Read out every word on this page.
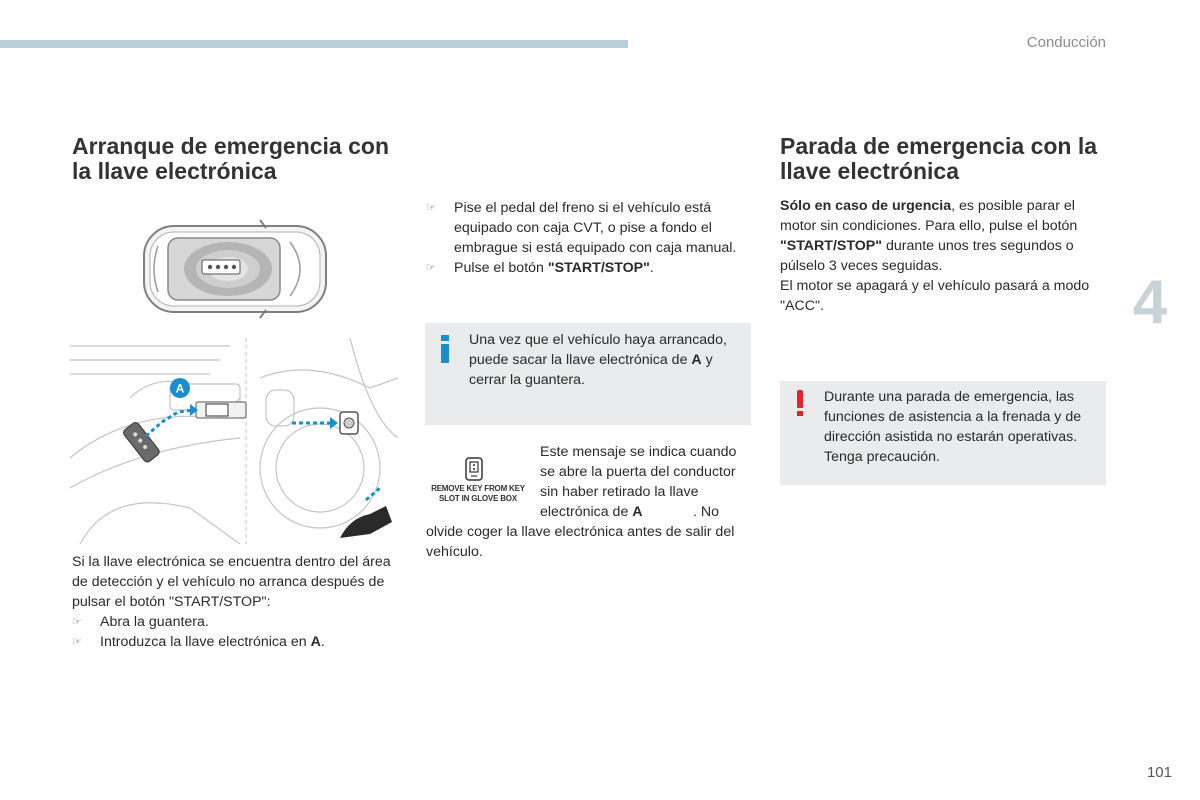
Conducción
4
101
Arranque de emergencia con la llave electrónica
A

Si la llave electrónica se encuentra dentro del área de detección y el vehículo no arranca después de pulsar el botón "START/STOP":

☞ Abra la guantera.
☞ Introduzca la llave electrónica en A.
☞ Pise el pedal del freno si el vehículo está equipado con caja CVT, o pise a fondo el embrague si está equipado con caja manual.
☞ Pulse el botón "START/STOP".

Una vez que el vehículo haya arrancado, puede sacar la llave electrónica de A y cerrar la guantera.

REMOVE KEY FROM KEY
SLOT IN GLOVE BOX

Este mensaje se indica cuando se abre la puerta del conductor sin haber retirado la llave electrónica de A	. No olvide coger la llave electrónica antes de salir del vehículo.

Parada de emergencia con la llave electrónica

Sólo en caso de urgencia, es posible parar el motor sin condiciones. Para ello, pulse el botón "START/STOP" durante unos tres segundos o púlselo 3 veces seguidas.
El motor se apagará y el vehículo pasará a modo "ACC".

Durante una parada de emergencia, las funciones de asistencia a la frenada y de dirección asistida no estarán operativas. Tenga precaución.
